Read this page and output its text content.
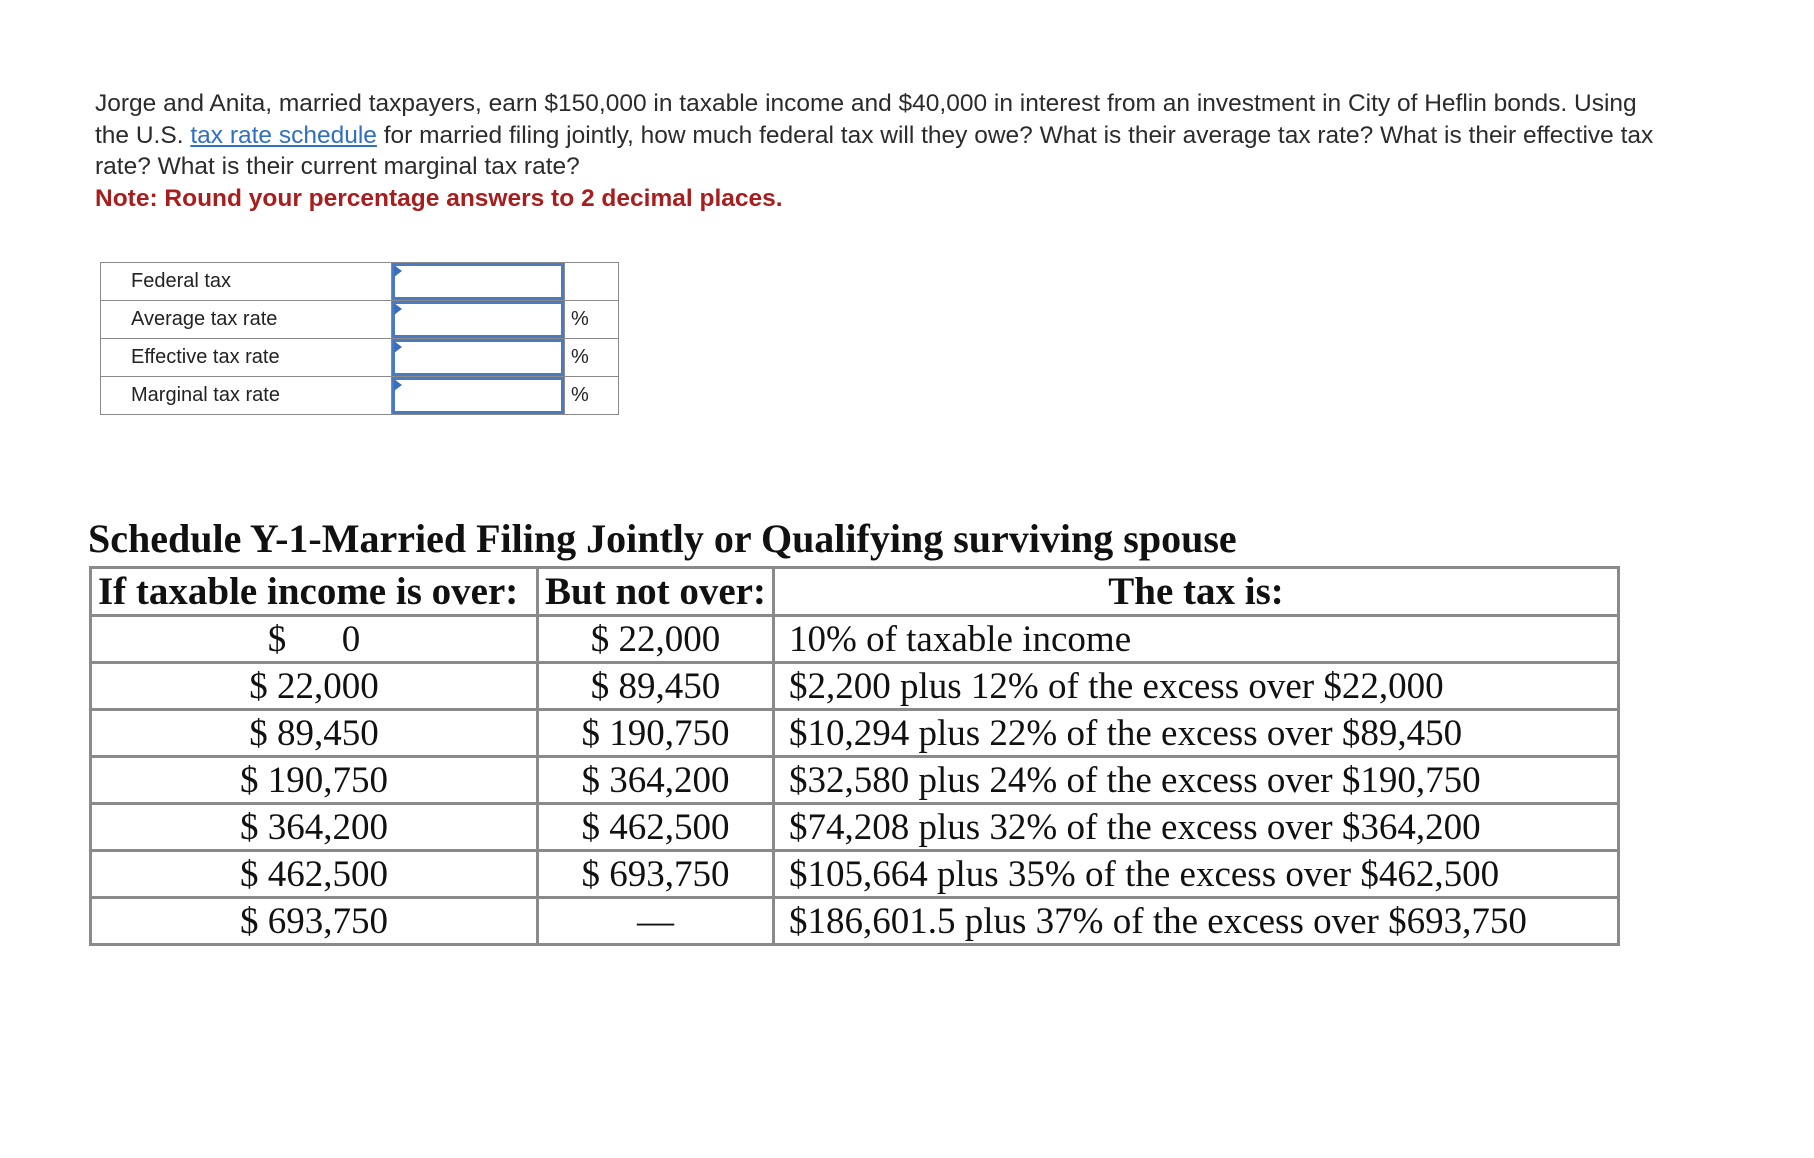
Jorge and Anita, married taxpayers, earn $150,000 in taxable income and $40,000 in interest from an investment in City of Heflin bonds. Using the U.S. tax rate schedule for married filing jointly, how much federal tax will they owe? What is their average tax rate? What is their effective tax rate? What is their current marginal tax rate?
Note: Round your percentage answers to 2 decimal places.
Federal tax	

Average tax rate		%
Effective tax rate		%
Marginal tax rate		%
Schedule Y-1-Married Filing Jointly or Qualifying surviving spouse
If taxable income is over:	But not over:	The tax is:
$      0	$ 22,000	10% of taxable income
$ 22,000	$ 89,450	$2,200 plus 12% of the excess over $22,000
$ 89,450	$ 190,750	$10,294 plus 22% of the excess over $89,450
$ 190,750	$ 364,200	$32,580 plus 24% of the excess over $190,750
$ 364,200	$ 462,500	$74,208 plus 32% of the excess over $364,200
$ 462,500	$ 693,750	$105,664 plus 35% of the excess over $462,500
$ 693,750	—	$186,601.5 plus 37% of the excess over $693,750
